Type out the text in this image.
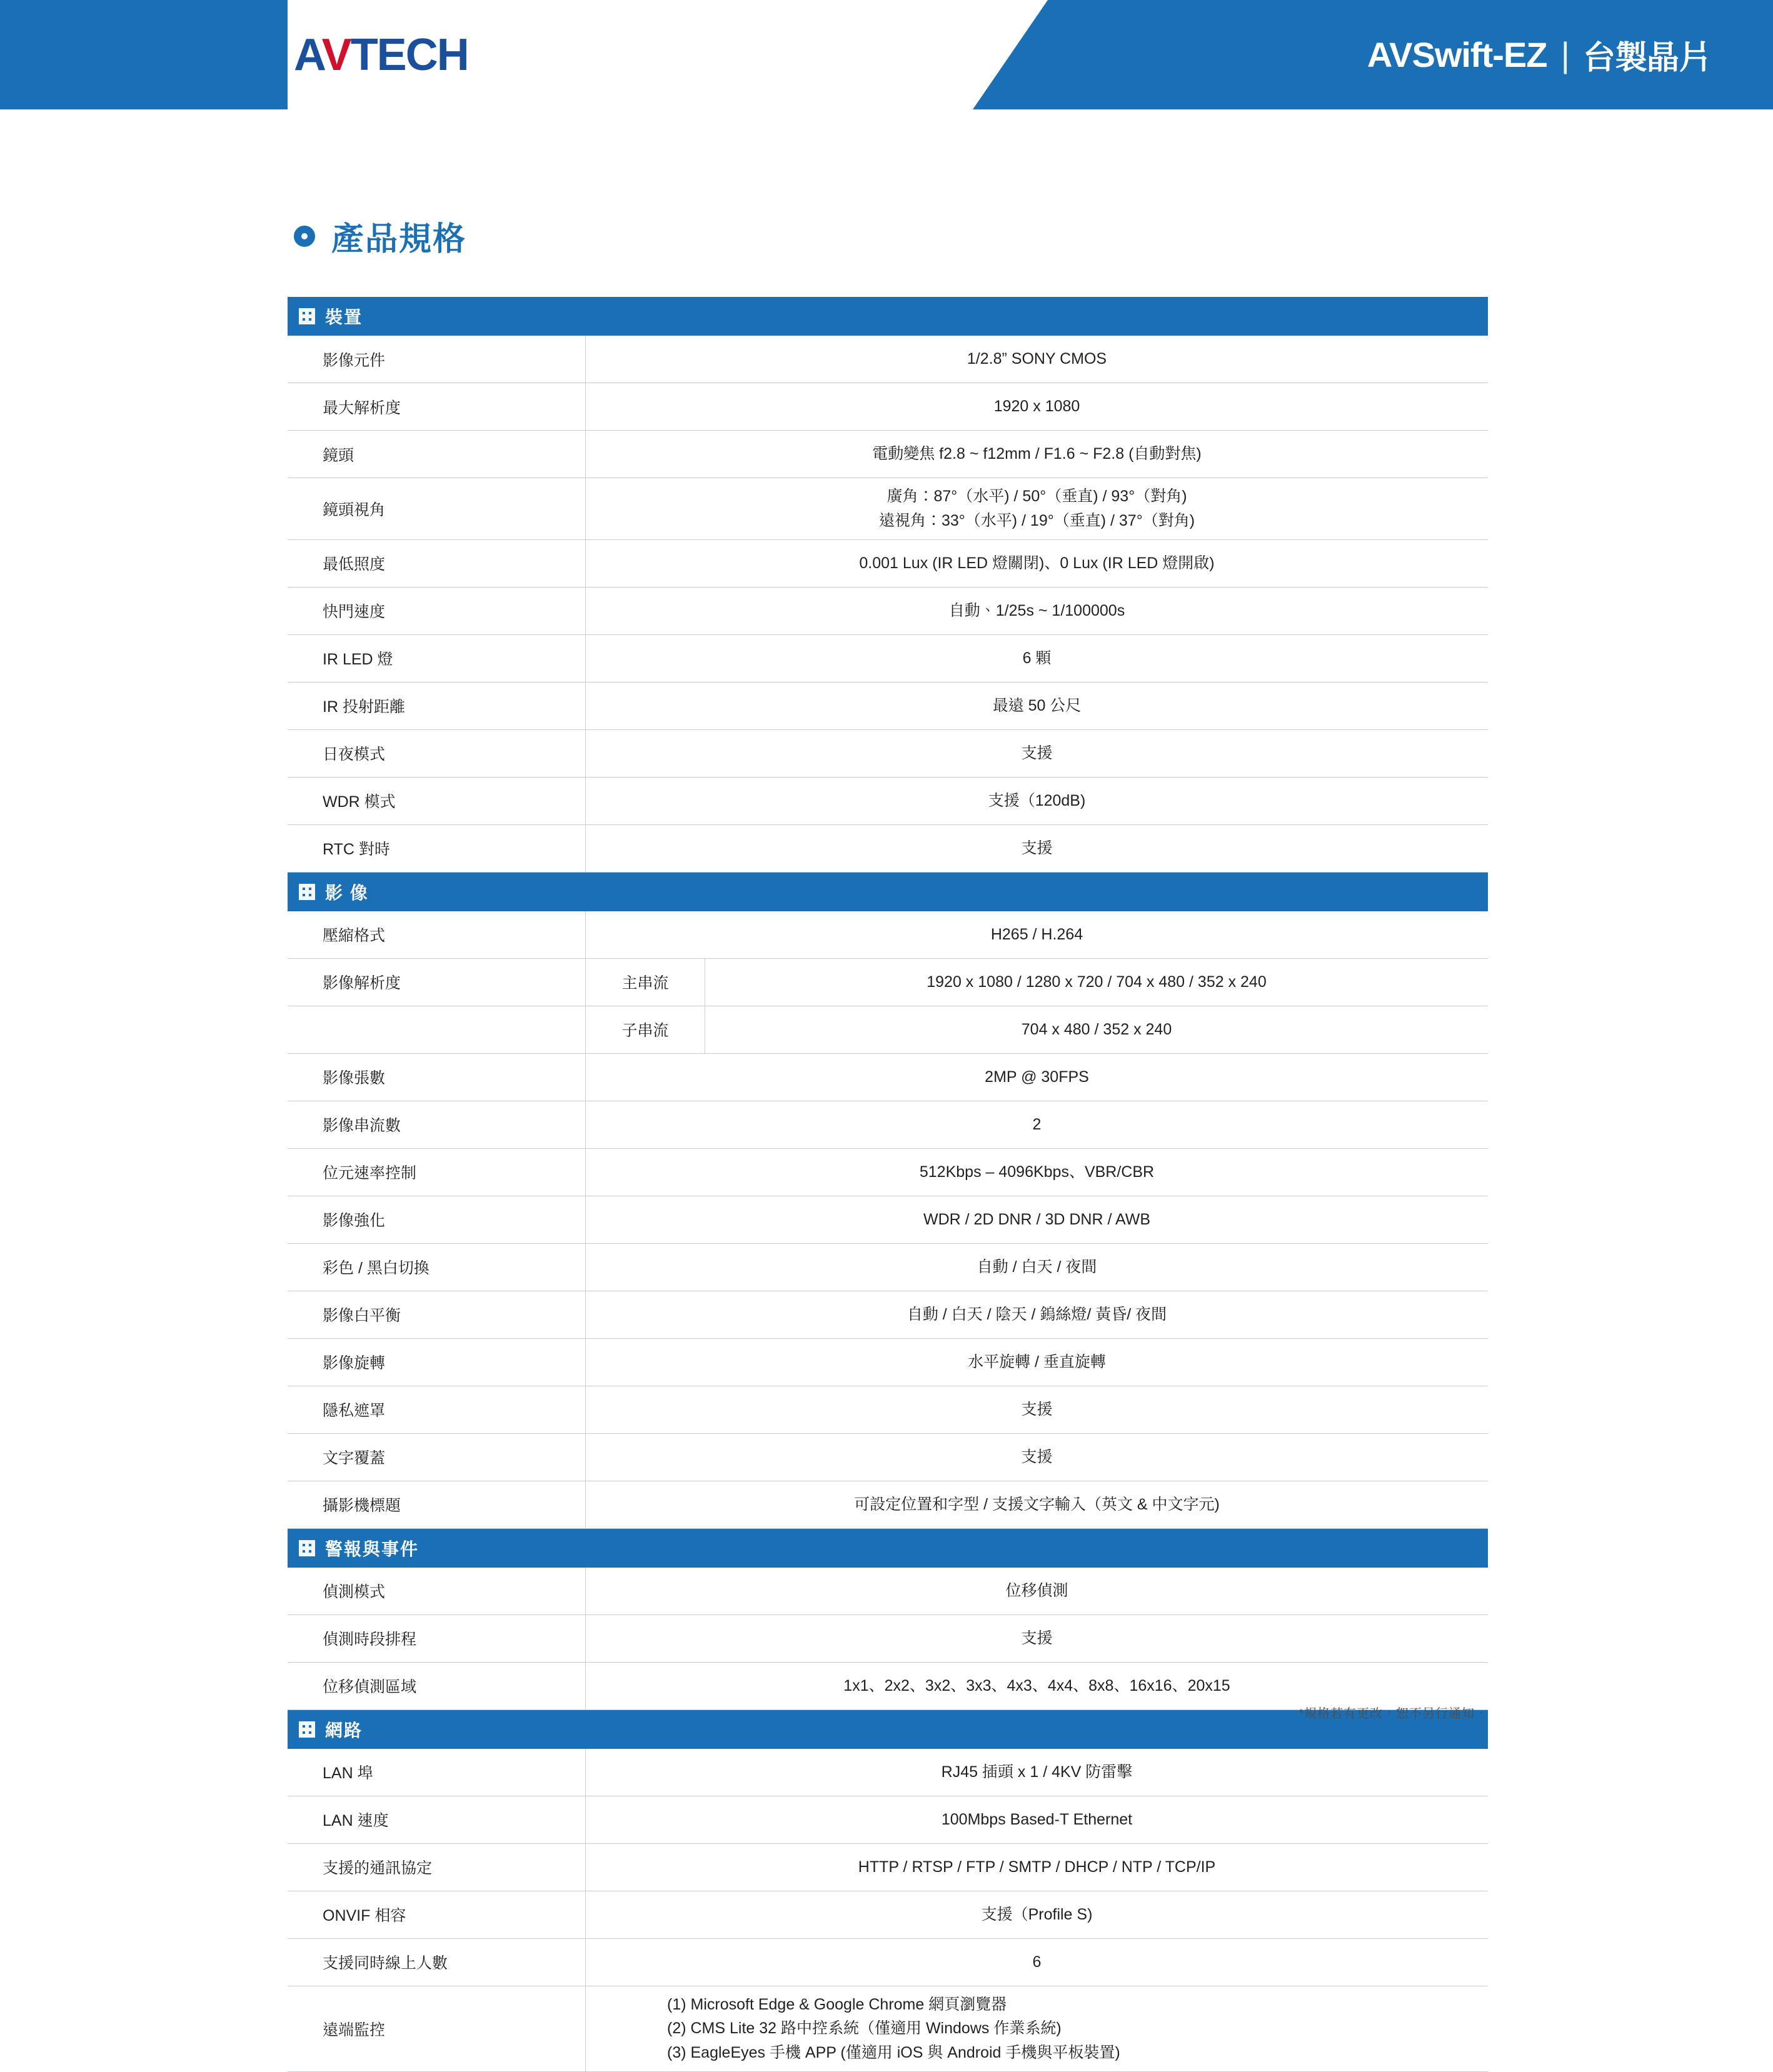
AVTECH	AVSwift-EZ | 台製晶片
產品規格
裝置		

影像元件	1/2.8” SONY CMOS	
最大解析度	1920 x 1080	
鏡頭	電動變焦 f2.8 ~ f12mm / F1.6 ~ F2.8 (自動對焦)	
鏡頭視角	廣角：87°（水平) / 50°（垂直) / 93°（對角)
遠視角：33°（水平) / 19°（垂直) / 37°（對角)	

最低照度	0.001 Lux (IR LED 燈關閉)、0 Lux (IR LED 燈開啟)	
快門速度	自動、1/25s ~ 1/100000s	
IR LED 燈	6 顆	
IR 投射距離	最遠 50 公尺	
日夜模式	支援	
WDR 模式	支援（120dB)	
RTC 對時	支援	

影 像		

壓縮格式	H265 / H.264	
影像解析度	主串流	1920 x 1080 / 1280 x 720 / 704 x 480 / 352 x 240
	子串流	704 x 480 / 352 x 240
影像張數	2MP @ 30FPS	
影像串流數	2	
位元速率控制	512Kbps – 4096Kbps、VBR/CBR	
影像強化	WDR / 2D DNR / 3D DNR / AWB	
彩色 / 黑白切換	自動 / 白天 / 夜間	
影像白平衡	自動 / 白天 / 陰天 / 鎢絲燈/ 黃昏/ 夜間	
影像旋轉	水平旋轉 / 垂直旋轉	
隱私遮罩	支援	
文字覆蓋	支援	
攝影機標題	可設定位置和字型 / 支援文字輸入（英文 & 中文字元)	

警報與事件		

偵測模式	位移偵測	
偵測時段排程	支援	
位移偵測區域	1x1、2x2、3x2、3x3、4x3、4x4、8x8、16x16、20x15	

網路		

LAN 埠	RJ45 插頭 x 1 / 4KV 防雷擊	
LAN 速度	100Mbps Based-T Ethernet	
支援的通訊協定	HTTP / RTSP / FTP / SMTP / DHCP / NTP / TCP/IP	
ONVIF 相容	支援（Profile S)	
支援同時線上人數	6	
遠端監控	(1) Microsoft Edge & Google Chrome 網頁瀏覽器
(2) CMS Lite 32 路中控系統（僅適用 Windows 作業系統)
(3) EagleEyes 手機 APP (僅適用 iOS 與 Android 手機與平板裝置)	
*規格若有更改，恕不另行通知．
